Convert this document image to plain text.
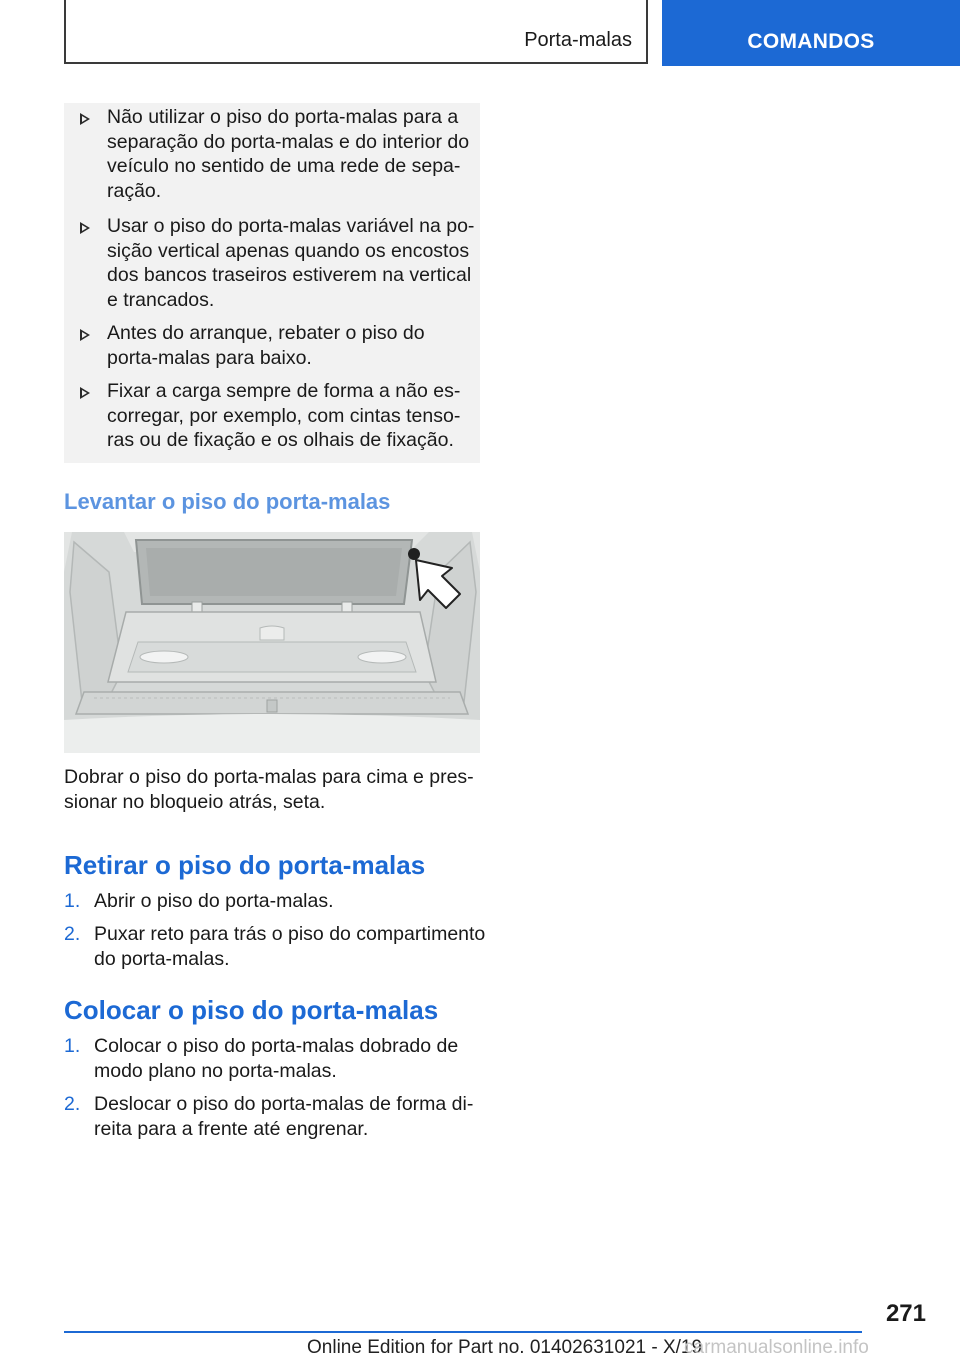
Porta-malas	COMANDOS
Não utilizar o piso do porta-malas para a
separação do porta-malas e do interior do
veículo no sentido de uma rede de sepa-
ração.
Usar o piso do porta-malas variável na po-
sição vertical apenas quando os encostos
dos bancos traseiros estiverem na vertical
e trancados.
Antes do arranque, rebater o piso do
porta-malas para baixo.
Fixar a carga sempre de forma a não es-
corregar, por exemplo, com cintas tenso-
ras ou de fixação e os olhais de fixação.
Levantar o piso do porta-malas
Dobrar o piso do porta-malas para cima e pres-
sionar no bloqueio atrás, seta.
Retirar o piso do porta-malas
1. Abrir o piso do porta-malas.
2. Puxar reto para trás o piso do compartimento
do porta-malas.
Colocar o piso do porta-malas
1. Colocar o piso do porta-malas dobrado de
modo plano no porta-malas.
2. Deslocar o piso do porta-malas de forma di-
reita para a frente até engrenar.
271
Online Edition for Part no. 01402631021 - X/19
carmanualsonline.info
